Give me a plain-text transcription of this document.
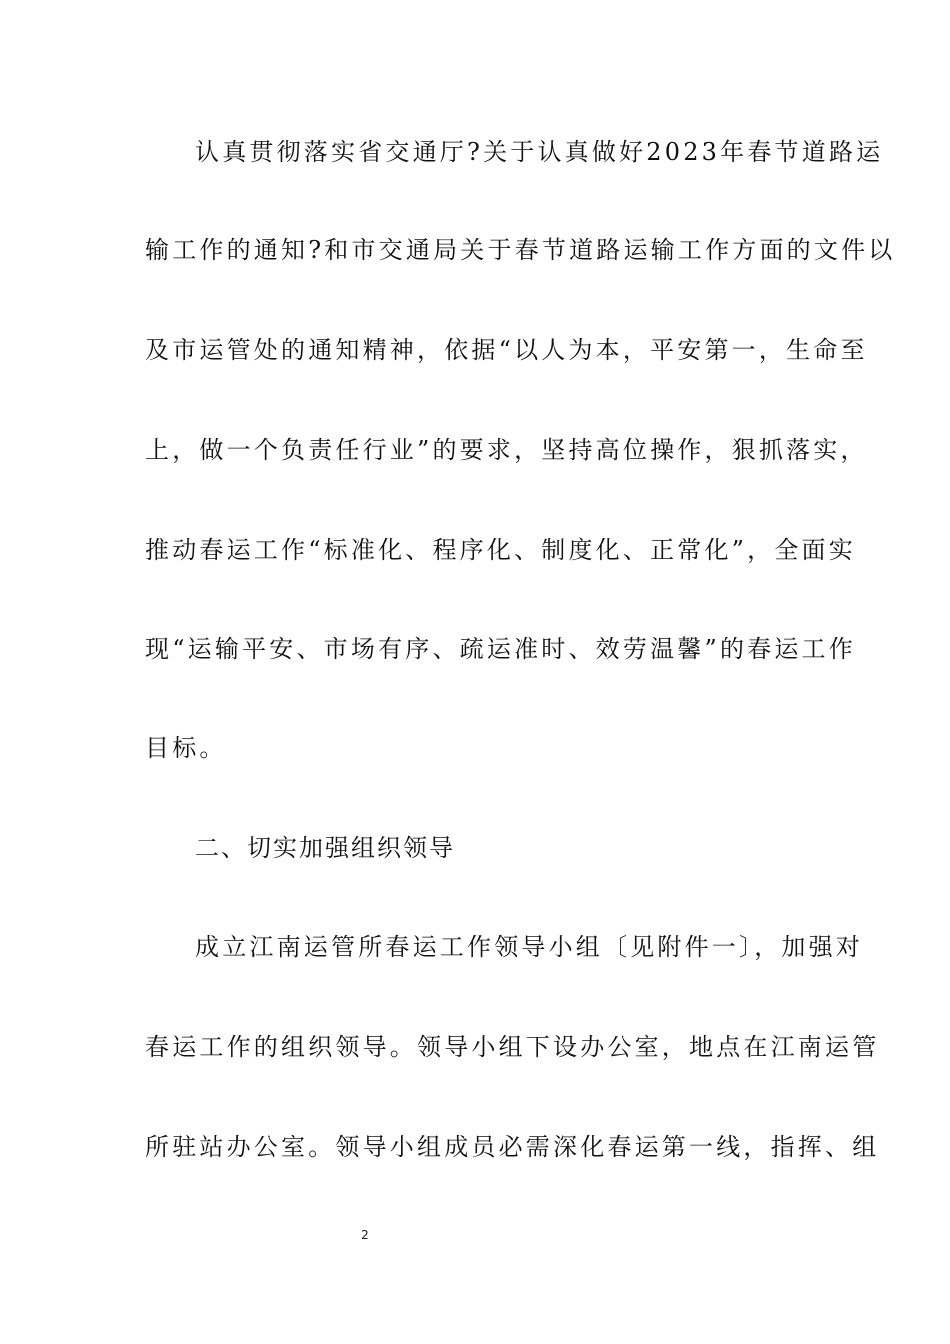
认真贯彻落实省交通厅?关于认真做好2023年春节道路运
输工作的通知?和市交通局关于春节道路运输工作方面的文件以
及市运管处的通知精神，依据“以人为本，平安第一，生命至
上，做一个负责任行业”的要求，坚持高位操作，狠抓落实，
推动春运工作“标准化、程序化、制度化、正常化”，全面实
现“运输平安、市场有序、疏运准时、效劳温馨”的春运工作
目标。
二、切实加强组织领导
成立江南运管所春运工作领导小组〔见附件一〕，加强对
春运工作的组织领导。领导小组下设办公室，地点在江南运管
所驻站办公室。领导小组成员必需深化春运第一线，指挥、组
2
